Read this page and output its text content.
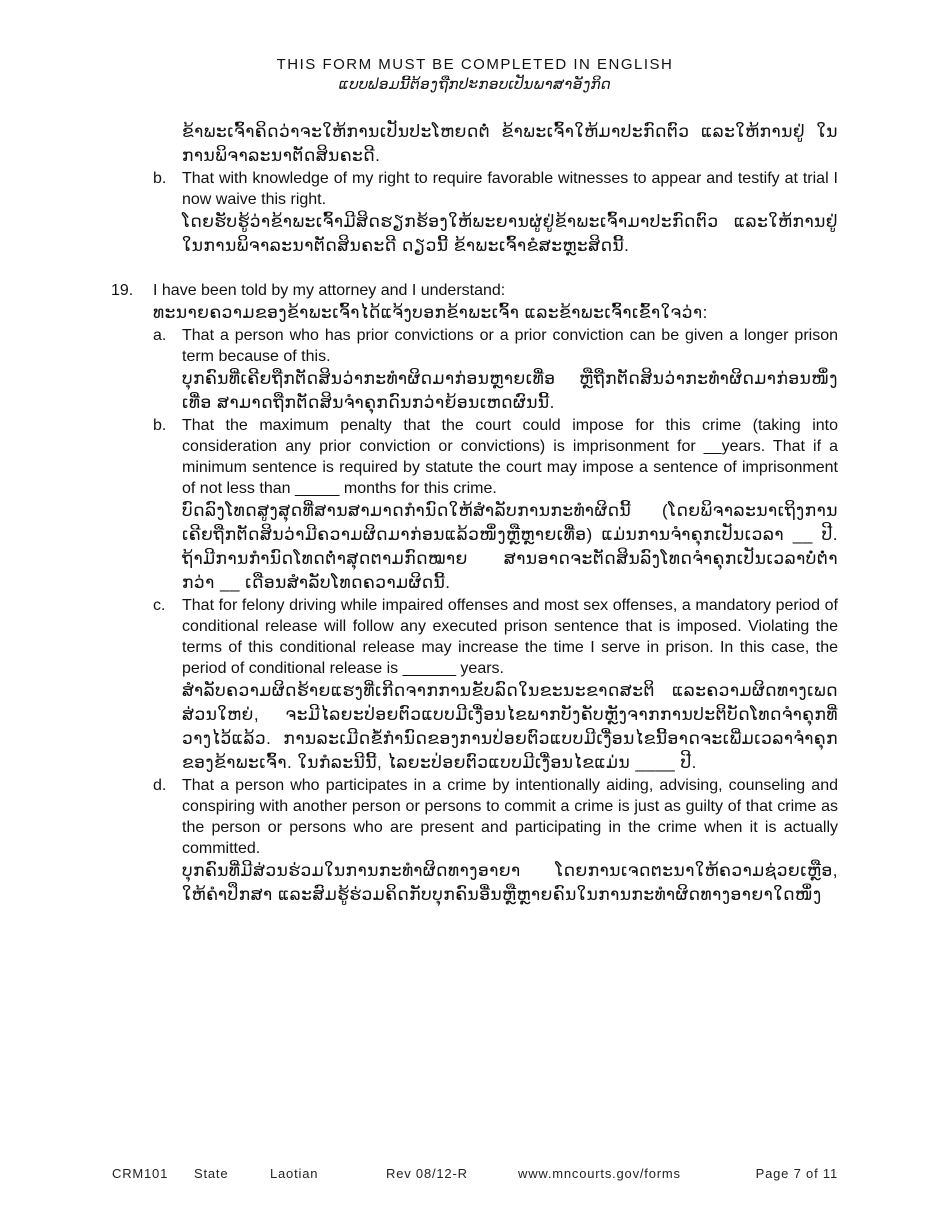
THIS FORM MUST BE COMPLETED IN ENGLISH
ແບບຟອມນີ້ຕ້ອງຖືກປະກອບເປັນພາສາອັງກິດ
ຂ້າພະເຈົ້າຄິດວ່າຈະໃຫ້ການເປັນປະໂຫຍດຕໍ່ ຂ້າພະເຈົ້າໃຫ້ມາປະກົດຕົວ ແລະໃຫ້ການຢູ່ ໃນການພິຈາລະນາຕັດສິນຄະດີ.
b. That with knowledge of my right to require favorable witnesses to appear and testify at trial I now waive this right.
ໂດຍຮັບຮູ້ວ່າຂ້າພະເຈົ້າມີສິດຮຽກຮ້ອງໃຫ້ພະຍານຜູ່ຢູ່ຂ້າພະເຈົ້າມາປະກົດຕົວ ແລະໃຫ້ການຢູ່ ໃນການພິຈາລະນາຕັດສິນຄະດີ ດຽວນີ້ ຂ້າພະເຈົ້າຂໍສະຫຼະສິດນີ້.
19. I have been told by my attorney and I understand:
ທະນາຍຄວາມຂອງຂ້າພະເຈົ້າໄດ້ແຈ້ງບອກຂ້າພະເຈົ້າ ແລະຂ້າພະເຈົ້າເຂົ້າໃຈວ່າ:
a. That a person who has prior convictions or a prior conviction can be given a longer prison term because of this.
ບຸກຄົນທີ່ເຄີຍຖືກຕັດສິນວ່າກະທຳຜິດມາກ່ອນຫຼາຍເທື່ອ ຫຼືຖືກຕັດສິນວ່າກະທຳຜິດມາກ່ອນໜຶ່ງເທື່ອ ສາມາດຖືກຕັດສິນຈຳຄຸກດົນກວ່າຍ້ອນເຫດຜົນນີ້.
b. That the maximum penalty that the court could impose for this crime (taking into consideration any prior conviction or convictions) is imprisonment for __years. That if a minimum sentence is required by statute the court may impose a sentence of imprisonment of not less than _____ months for this crime.
ບົດລົງໂທດສູງສຸດທີ່ສານສາມາດກຳນົດໃຫ້ສຳລັບການກະທຳຜິດນີ້ (ໂດຍພິຈາລະນາເຖິງການເຄີຍຖືກຕັດສິນວ່າມີຄວາມຜິດມາກ່ອນແລ້ວໜຶ່ງຫຼືຫຼາຍເທື່ອ) ແມ່ນການຈຳຄຸກເປັນເວລາ __ ປີ. ຖ້າມີການກຳນົດໂທດຕໍ່າສຸດຕາມກົດໝາຍ ສານອາດຈະຕັດສິນລົງໂທດຈຳຄຸກເປັນເວລາບໍ່ຕໍ່າກວ່າ __ ເດືອນສຳລັບໂທດຄວາມຜິດນີ້.
c. That for felony driving while impaired offenses and most sex offenses, a mandatory period of conditional release will follow any executed prison sentence that is imposed. Violating the terms of this conditional release may increase the time I serve in prison. In this case, the period of conditional release is ______ years.
ສຳລັບຄວາມຜິດຮ້າຍແຮງທີ່ເກີດຈາກການຂັບລົດໃນຂະນະຂາດສະຕິ ແລະຄວາມຜິດທາງເພດສ່ວນໃຫຍ່, ຈະມີໄລຍະປ່ອຍຕົວແບບມີເງື່ອນໄຂພາກບັງຄັບຫຼັງຈາກການປະຕິບັດໂທດຈຳຄຸກທີ່ວາງໄວ້ແລ້ວ. ການລະເມີດຂໍ້ກຳນົດຂອງການປ່ອຍຕົວແບບມີເງື່ອນໄຂນີ້ອາດຈະເພີ່ມເວລາຈຳຄຸກຂອງຂ້າພະເຈົ້າ. ໃນກໍລະນີນີ້, ໄລຍະປ່ອຍຕົວແບບມີເງື່ອນໄຂແມ່ນ ____ ປີ.
d. That a person who participates in a crime by intentionally aiding, advising, counseling and conspiring with another person or persons to commit a crime is just as guilty of that crime as the person or persons who are present and participating in the crime when it is actually committed.
ບຸກຄົນທີ່ມີສ່ວນຮ່ວມໃນການກະທຳຜິດທາງອາຍາ ໂດຍການເຈດຕະນາໃຫ້ຄວາມຊ່ວຍເຫຼືອ, ໃຫ້ຄຳປຶກສາ ແລະສົມຮູ້ຮ່ວມຄິດກັບບຸກຄົນອື່ນຫຼືຫຼາຍຄົນໃນການກະທຳຜິດທາງອາຍາໃດໜຶ່ງ
CRM101 State	Laotian	Rev 08/12-R	www.mncourts.gov/forms	Page 7 of 11
